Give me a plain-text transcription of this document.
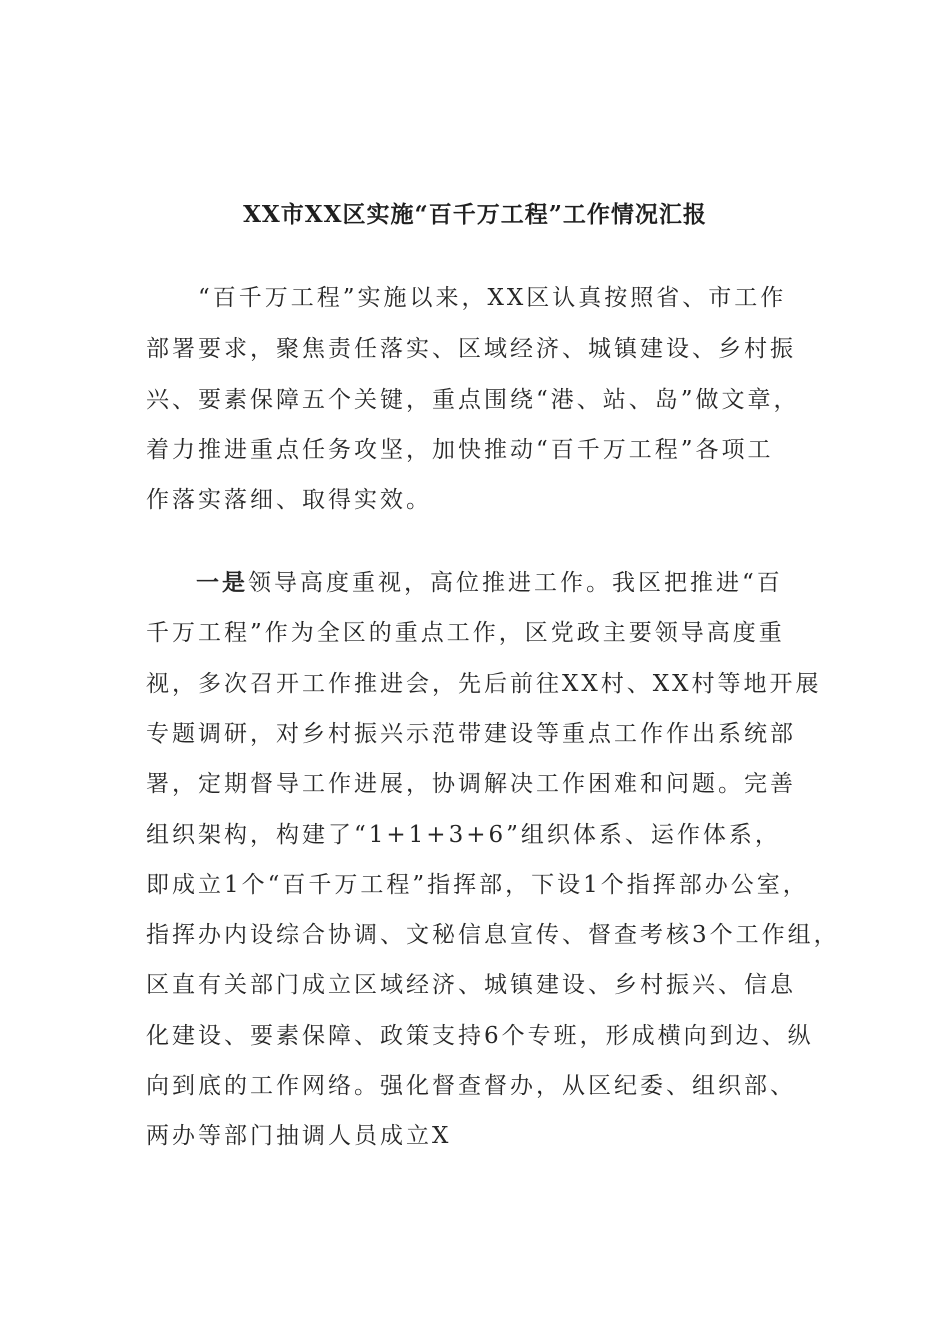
XX市XX区实施“百千万工程”工作情况汇报
　“百千万工程”实施以来，XX区认真按照省、市工作
部署要求，聚焦责任落实、区域经济、城镇建设、乡村振
兴、要素保障五个关键，重点围绕“港、站、岛”做文章，
着力推进重点任务攻坚，加快推动“百千万工程”各项工
作落实落细、取得实效。
一是领导高度重视，高位推进工作。我区把推进“百
千万工程”作为全区的重点工作，区党政主要领导高度重
视，多次召开工作推进会，先后前往XX村、XX村等地开展
专题调研，对乡村振兴示范带建设等重点工作作出系统部
署，定期督导工作进展，协调解决工作困难和问题。完善
组织架构，构建了“1+1+3+6”组织体系、运作体系，
即成立1个“百千万工程”指挥部，下设1个指挥部办公室，
指挥办内设综合协调、文秘信息宣传、督查考核3个工作组，
区直有关部门成立区域经济、城镇建设、乡村振兴、信息
化建设、要素保障、政策支持6个专班，形成横向到边、纵
向到底的工作网络。强化督查督办，从区纪委、组织部、
两办等部门抽调人员成立X
